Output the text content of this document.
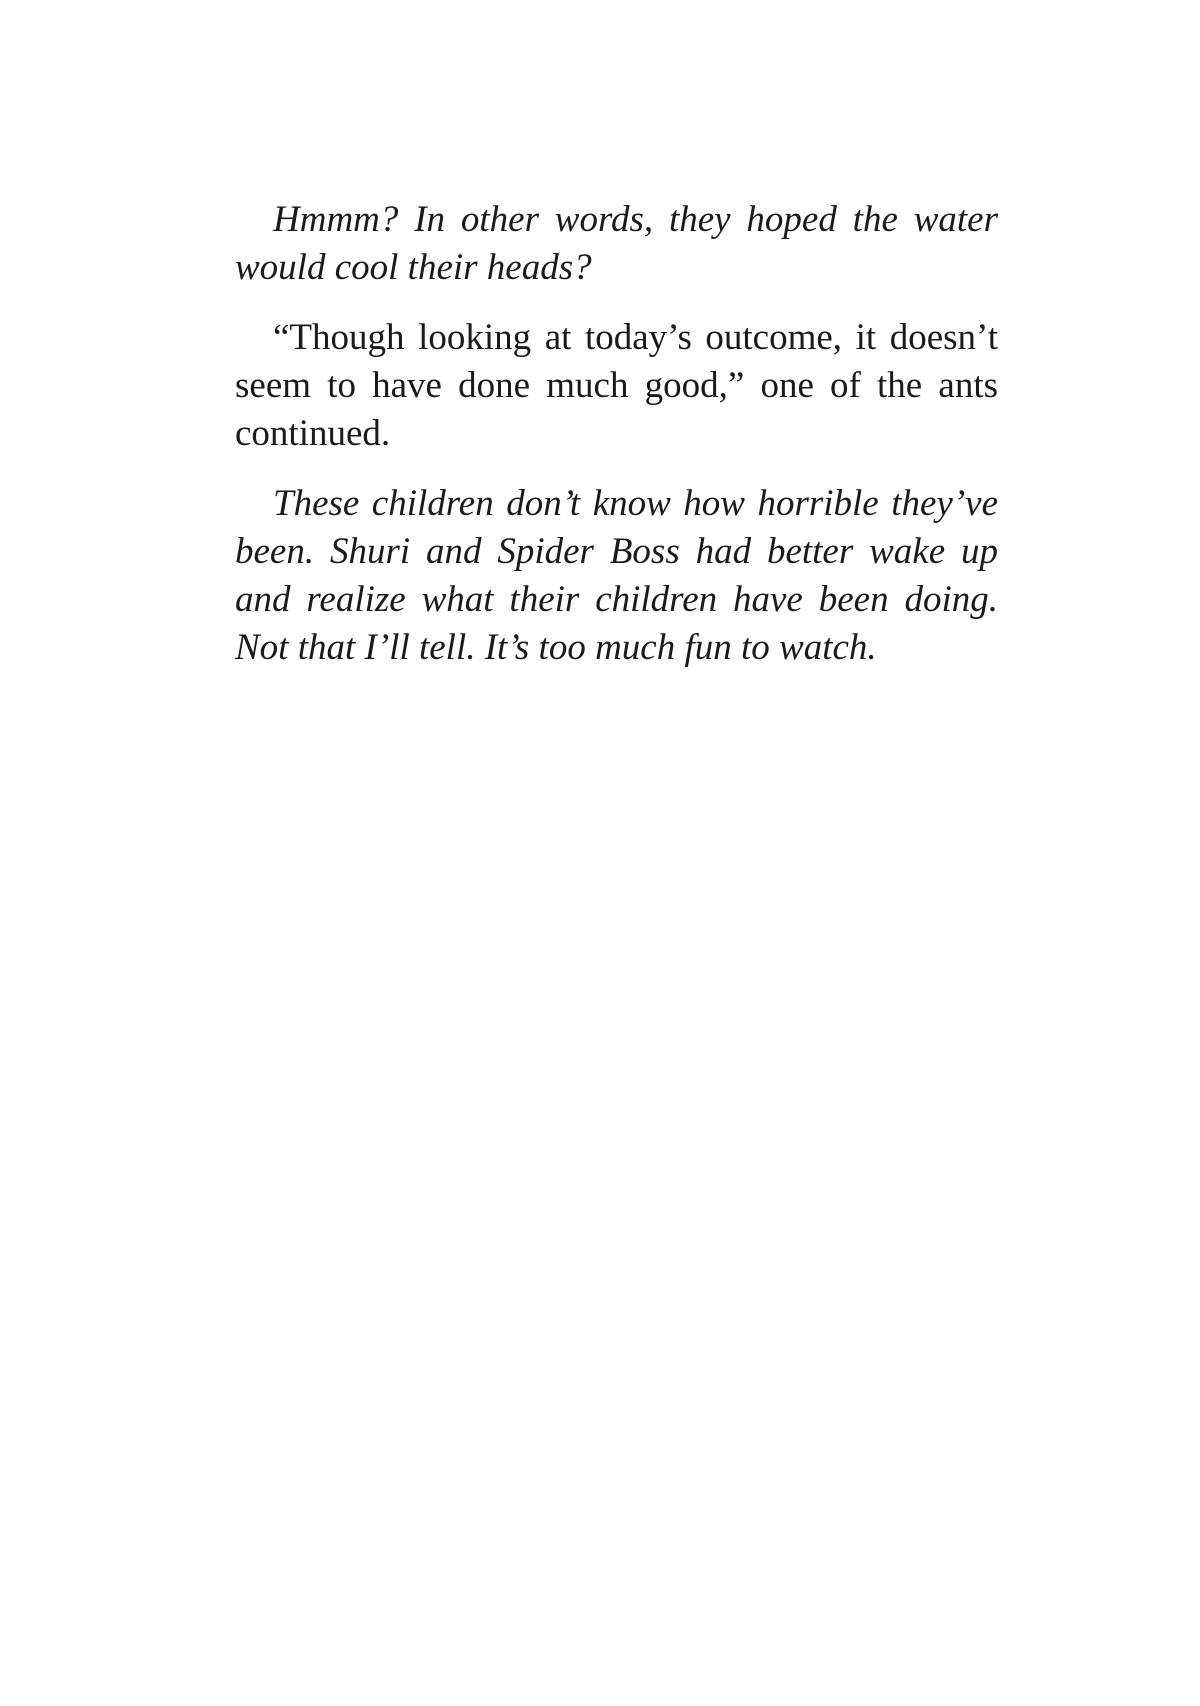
Hmmm? In other words, they hoped the water would cool their heads?

“Though looking at today’s outcome, it doesn’t seem to have done much good,” one of the ants continued.

These children don’t know how horrible they’ve been. Shuri and Spider Boss had better wake up and realize what their children have been doing. Not that I’ll tell. It’s too much fun to watch.
